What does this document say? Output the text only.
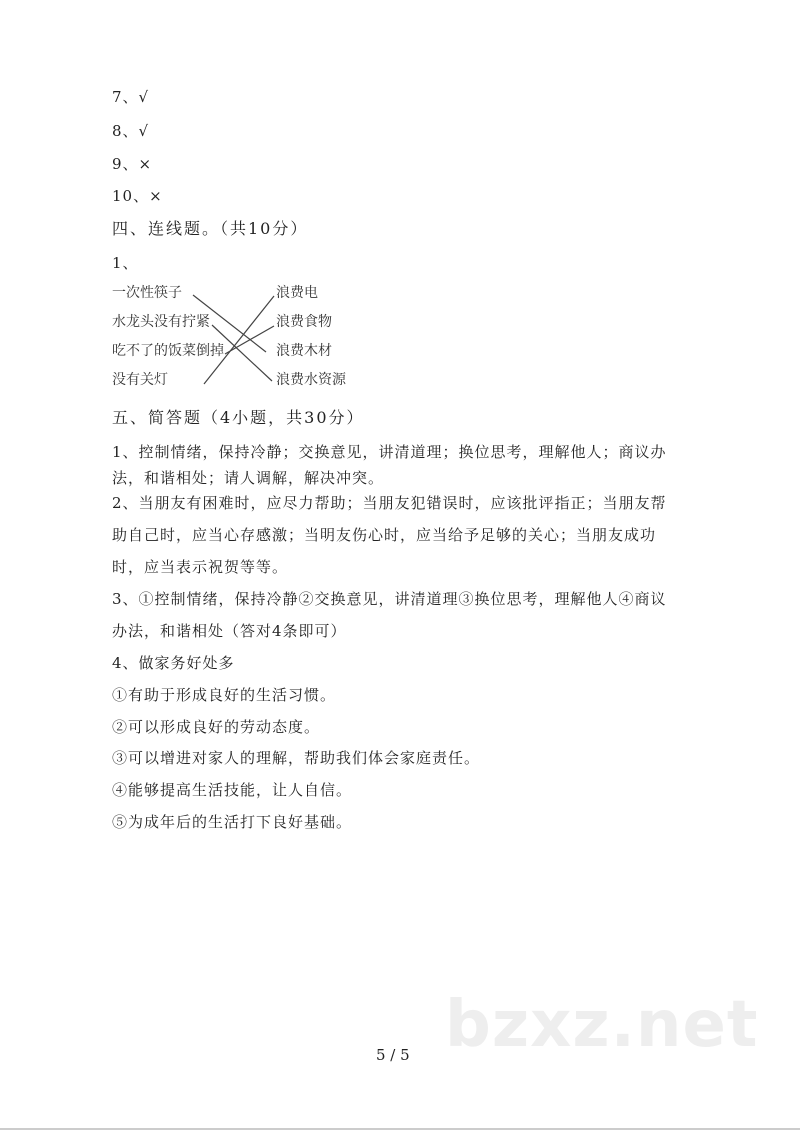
7、√
8、√
9、×
10、×
四、连线题。（共10分）
1、
一次性筷子
水龙头没有拧紧
吃不了的饭菜倒掉
没有关灯
浪费电
浪费食物
浪费木材
浪费水资源
五、简答题（4小题，共30分）
1、控制情绪，保持冷静；交换意见，讲清道理；换位思考，理解他人；商议办
法，和谐相处；请人调解，解决冲突。
2、当朋友有困难时，应尽力帮助；当朋友犯错误时，应该批评指正；当朋友帮
助自己时，应当心存感激；当明友伤心时，应当给予足够的关心；当朋友成功
时，应当表示祝贺等等。
3、①控制情绪，保持冷静②交换意见，讲清道理③换位思考，理解他人④商议
办法，和谐相处（答对4条即可）
4、做家务好处多
①有助于形成良好的生活习惯。
②可以形成良好的劳动态度。
③可以增进对家人的理解，帮助我们体会家庭责任。
④能够提高生活技能，让人自信。
⑤为成年后的生活打下良好基础。
bzxz.net
5 / 5
